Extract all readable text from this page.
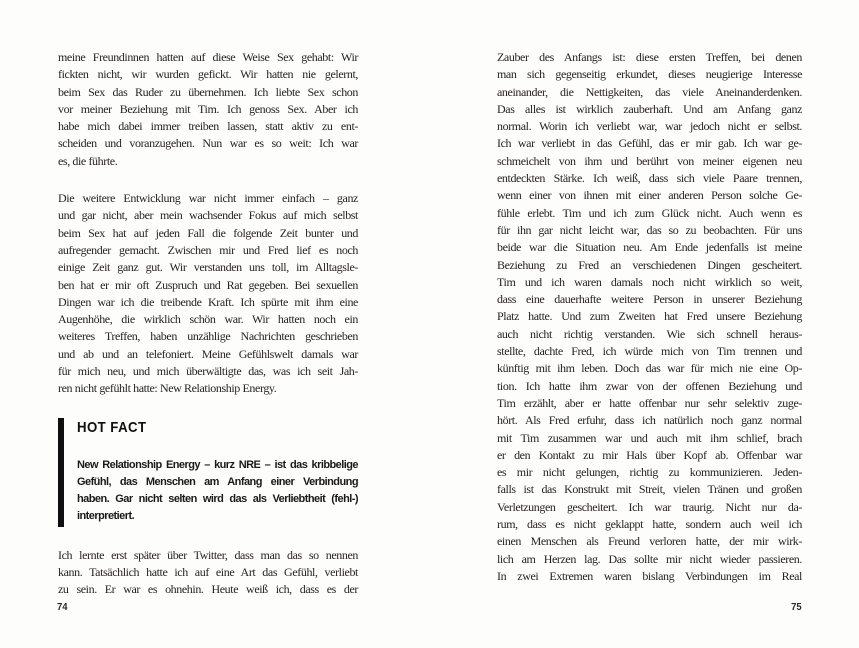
meine Freundinnen hatten auf diese Weise Sex gehabt: Wir
fickten nicht, wir wurden gefickt. Wir hatten nie gelernt,
beim Sex das Ruder zu übernehmen. Ich liebte Sex schon
vor meiner Beziehung mit Tim. Ich genoss Sex. Aber ich
habe mich dabei immer treiben lassen, statt aktiv zu ent-
scheiden und voranzugehen. Nun war es so weit: Ich war
es, die führte.
Die weitere Entwicklung war nicht immer einfach – ganz
und gar nicht, aber mein wachsender Fokus auf mich selbst
beim Sex hat auf jeden Fall die folgende Zeit bunter und
aufregender gemacht. Zwischen mir und Fred lief es noch
einige Zeit ganz gut. Wir verstanden uns toll, im Alltagsle-
ben hat er mir oft Zuspruch und Rat gegeben. Bei sexuellen
Dingen war ich die treibende Kraft. Ich spürte mit ihm eine
Augenhöhe, die wirklich schön war. Wir hatten noch ein
weiteres Treffen, haben unzählige Nachrichten geschrieben
und ab und an telefoniert. Meine Gefühlswelt damals war
für mich neu, und mich überwältigte das, was ich seit Jah-
ren nicht gefühlt hatte: New Relationship Energy.
HOT FACT
New Relationship Energy – kurz NRE – ist das kribbelige
Gefühl, das Menschen am Anfang einer Verbindung
haben. Gar nicht selten wird das als Verliebtheit (fehl-)
interpretiert.
Ich lernte erst später über Twitter, dass man das so nennen
kann. Tatsächlich hatte ich auf eine Art das Gefühl, verliebt
zu sein. Er war es ohnehin. Heute weiß ich, dass es der
74
Zauber des Anfangs ist: diese ersten Treffen, bei denen
man sich gegenseitig erkundet, dieses neugierige Interesse
aneinander, die Nettigkeiten, das viele Aneinanderdenken.
Das alles ist wirklich zauberhaft. Und am Anfang ganz
normal. Worin ich verliebt war, war jedoch nicht er selbst.
Ich war verliebt in das Gefühl, das er mir gab. Ich war ge-
schmeichelt von ihm und berührt von meiner eigenen neu
entdeckten Stärke. Ich weiß, dass sich viele Paare trennen,
wenn einer von ihnen mit einer anderen Person solche Ge-
fühle erlebt. Tim und ich zum Glück nicht. Auch wenn es
für ihn gar nicht leicht war, das so zu beobachten. Für uns
beide war die Situation neu. Am Ende jedenfalls ist meine
Beziehung zu Fred an verschiedenen Dingen gescheitert.
Tim und ich waren damals noch nicht wirklich so weit,
dass eine dauerhafte weitere Person in unserer Beziehung
Platz hatte. Und zum Zweiten hat Fred unsere Beziehung
auch nicht richtig verstanden. Wie sich schnell heraus-
stellte, dachte Fred, ich würde mich von Tim trennen und
künftig mit ihm leben. Doch das war für mich nie eine Op-
tion. Ich hatte ihm zwar von der offenen Beziehung und
Tim erzählt, aber er hatte offenbar nur sehr selektiv zuge-
hört. Als Fred erfuhr, dass ich natürlich noch ganz normal
mit Tim zusammen war und auch mit ihm schlief, brach
er den Kontakt zu mir Hals über Kopf ab. Offenbar war
es mir nicht gelungen, richtig zu kommunizieren. Jeden-
falls ist das Konstrukt mit Streit, vielen Tränen und großen
Verletzungen gescheitert. Ich war traurig. Nicht nur da-
rum, dass es nicht geklappt hatte, sondern auch weil ich
einen Menschen als Freund verloren hatte, der mir wirk-
lich am Herzen lag. Das sollte mir nicht wieder passieren.
In zwei Extremen waren bislang Verbindungen im Real
75
